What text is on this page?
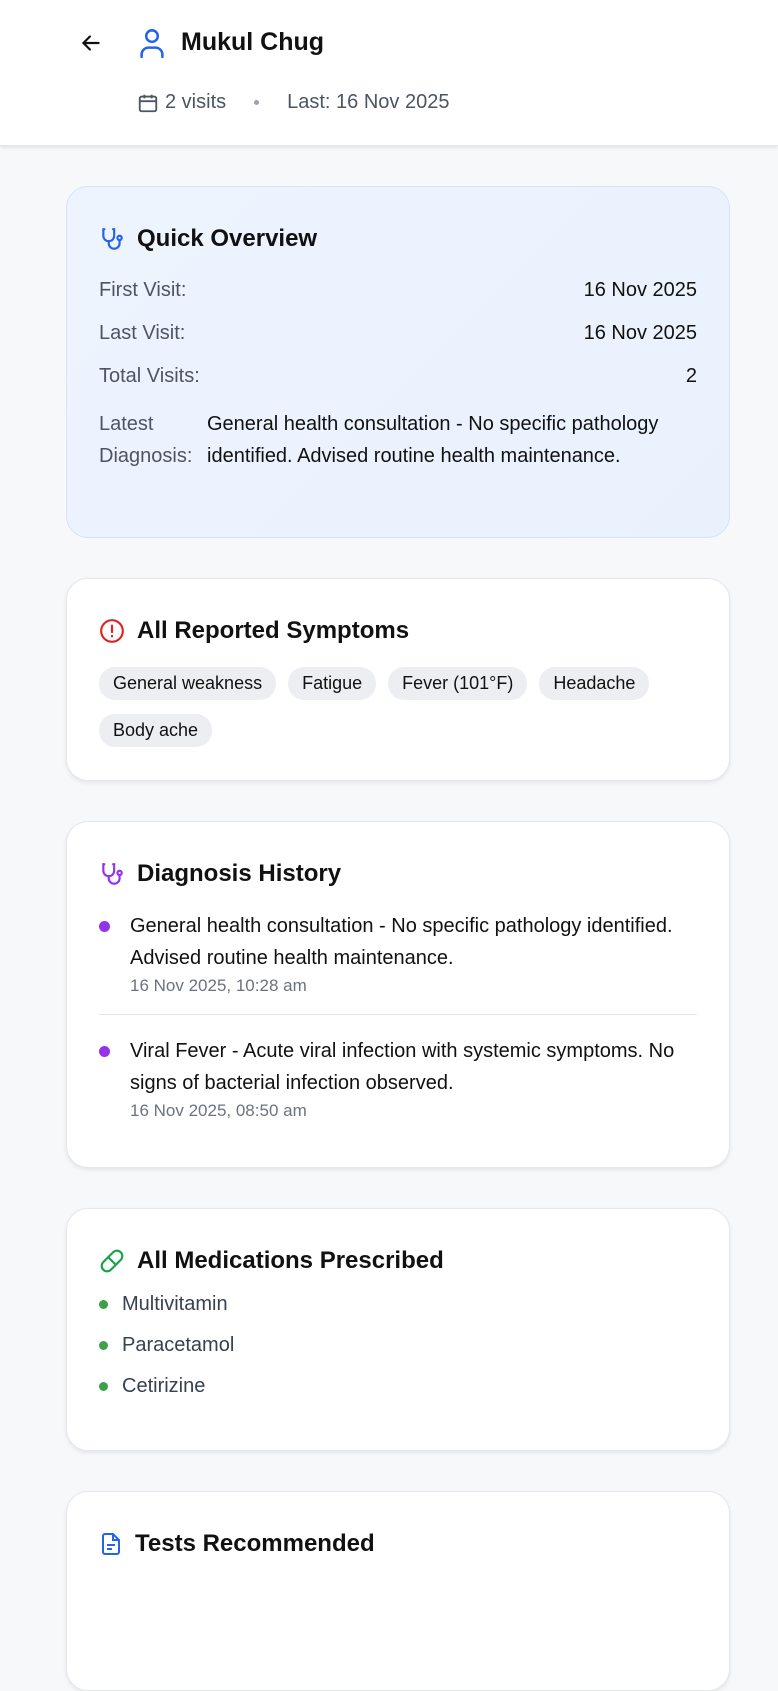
Mukul Chug
2 visits	Last: 16 Nov 2025
Quick Overview
First Visit:	16 Nov 2025
Last Visit:	16 Nov 2025
Total Visits:	2
Latest Diagnosis:
General health consultation - No specific pathology identified. Advised routine health maintenance.
All Reported Symptoms
General weakness	Fatigue	Fever (101°F)	Headache
Body ache
Diagnosis History
General health consultation - No specific pathology identified. Advised routine health maintenance.
16 Nov 2025, 10:28 am
Viral Fever - Acute viral infection with systemic symptoms. No signs of bacterial infection observed.
16 Nov 2025, 08:50 am
All Medications Prescribed
Multivitamin
Paracetamol
Cetirizine
Tests Recommended
